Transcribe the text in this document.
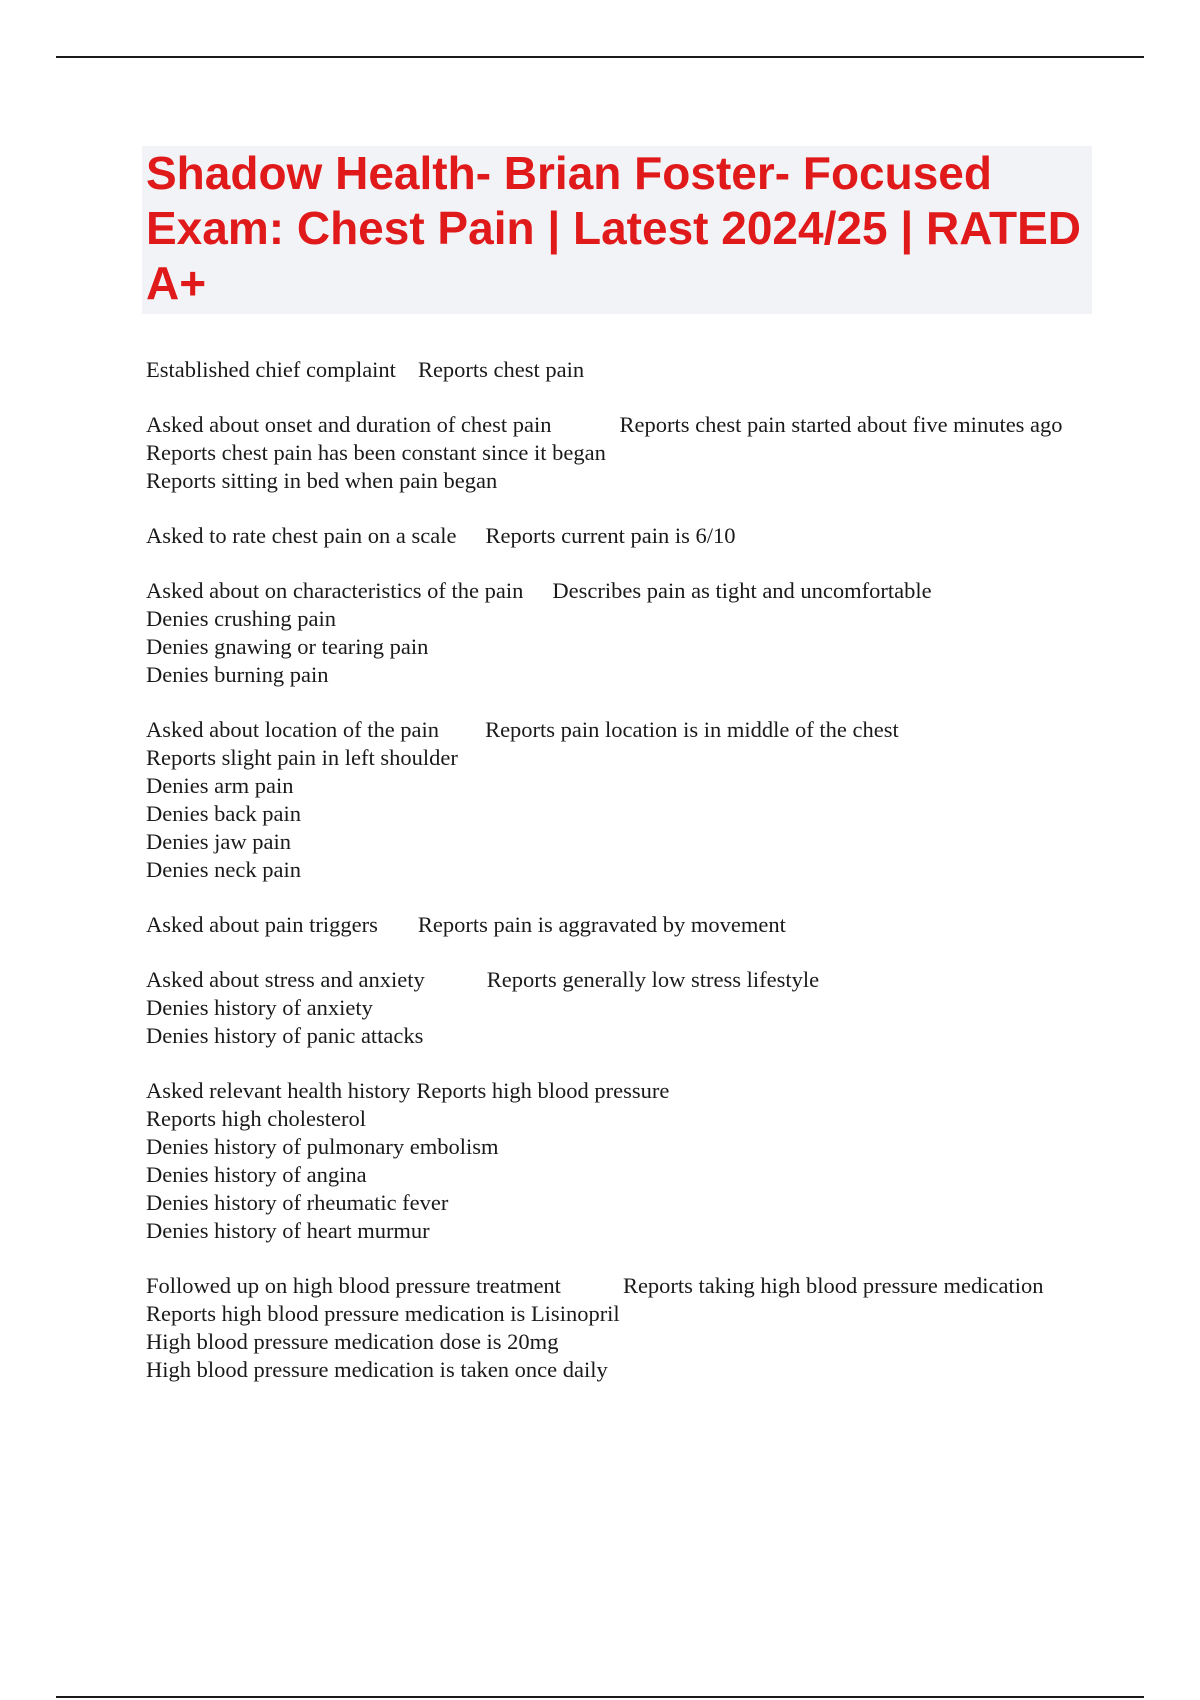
Shadow Health- Brian Foster- Focused Exam: Chest Pain | Latest 2024/25 | RATED A+
Established chief complaint Reports chest pain
Asked about onset and duration of chest pain	Reports chest pain started about five minutes ago
Reports chest pain has been constant since it began
Reports sitting in bed when pain began
Asked to rate chest pain on a scale Reports current pain is 6/10
Asked about on characteristics of the pain Describes pain as tight and uncomfortable
Denies crushing pain
Denies gnawing or tearing pain
Denies burning pain
Asked about location of the pain Reports pain location is in middle of the chest
Reports slight pain in left shoulder
Denies arm pain
Denies back pain
Denies jaw pain
Denies neck pain
Asked about pain triggers Reports pain is aggravated by movement
Asked about stress and anxiety	Reports generally low stress lifestyle
Denies history of anxiety
Denies history of panic attacks
Asked relevant health history Reports high blood pressure
Reports high cholesterol
Denies history of pulmonary embolism
Denies history of angina
Denies history of rheumatic fever
Denies history of heart murmur
Followed up on high blood pressure treatment	Reports taking high blood pressure medication
Reports high blood pressure medication is Lisinopril
High blood pressure medication dose is 20mg
High blood pressure medication is taken once daily
